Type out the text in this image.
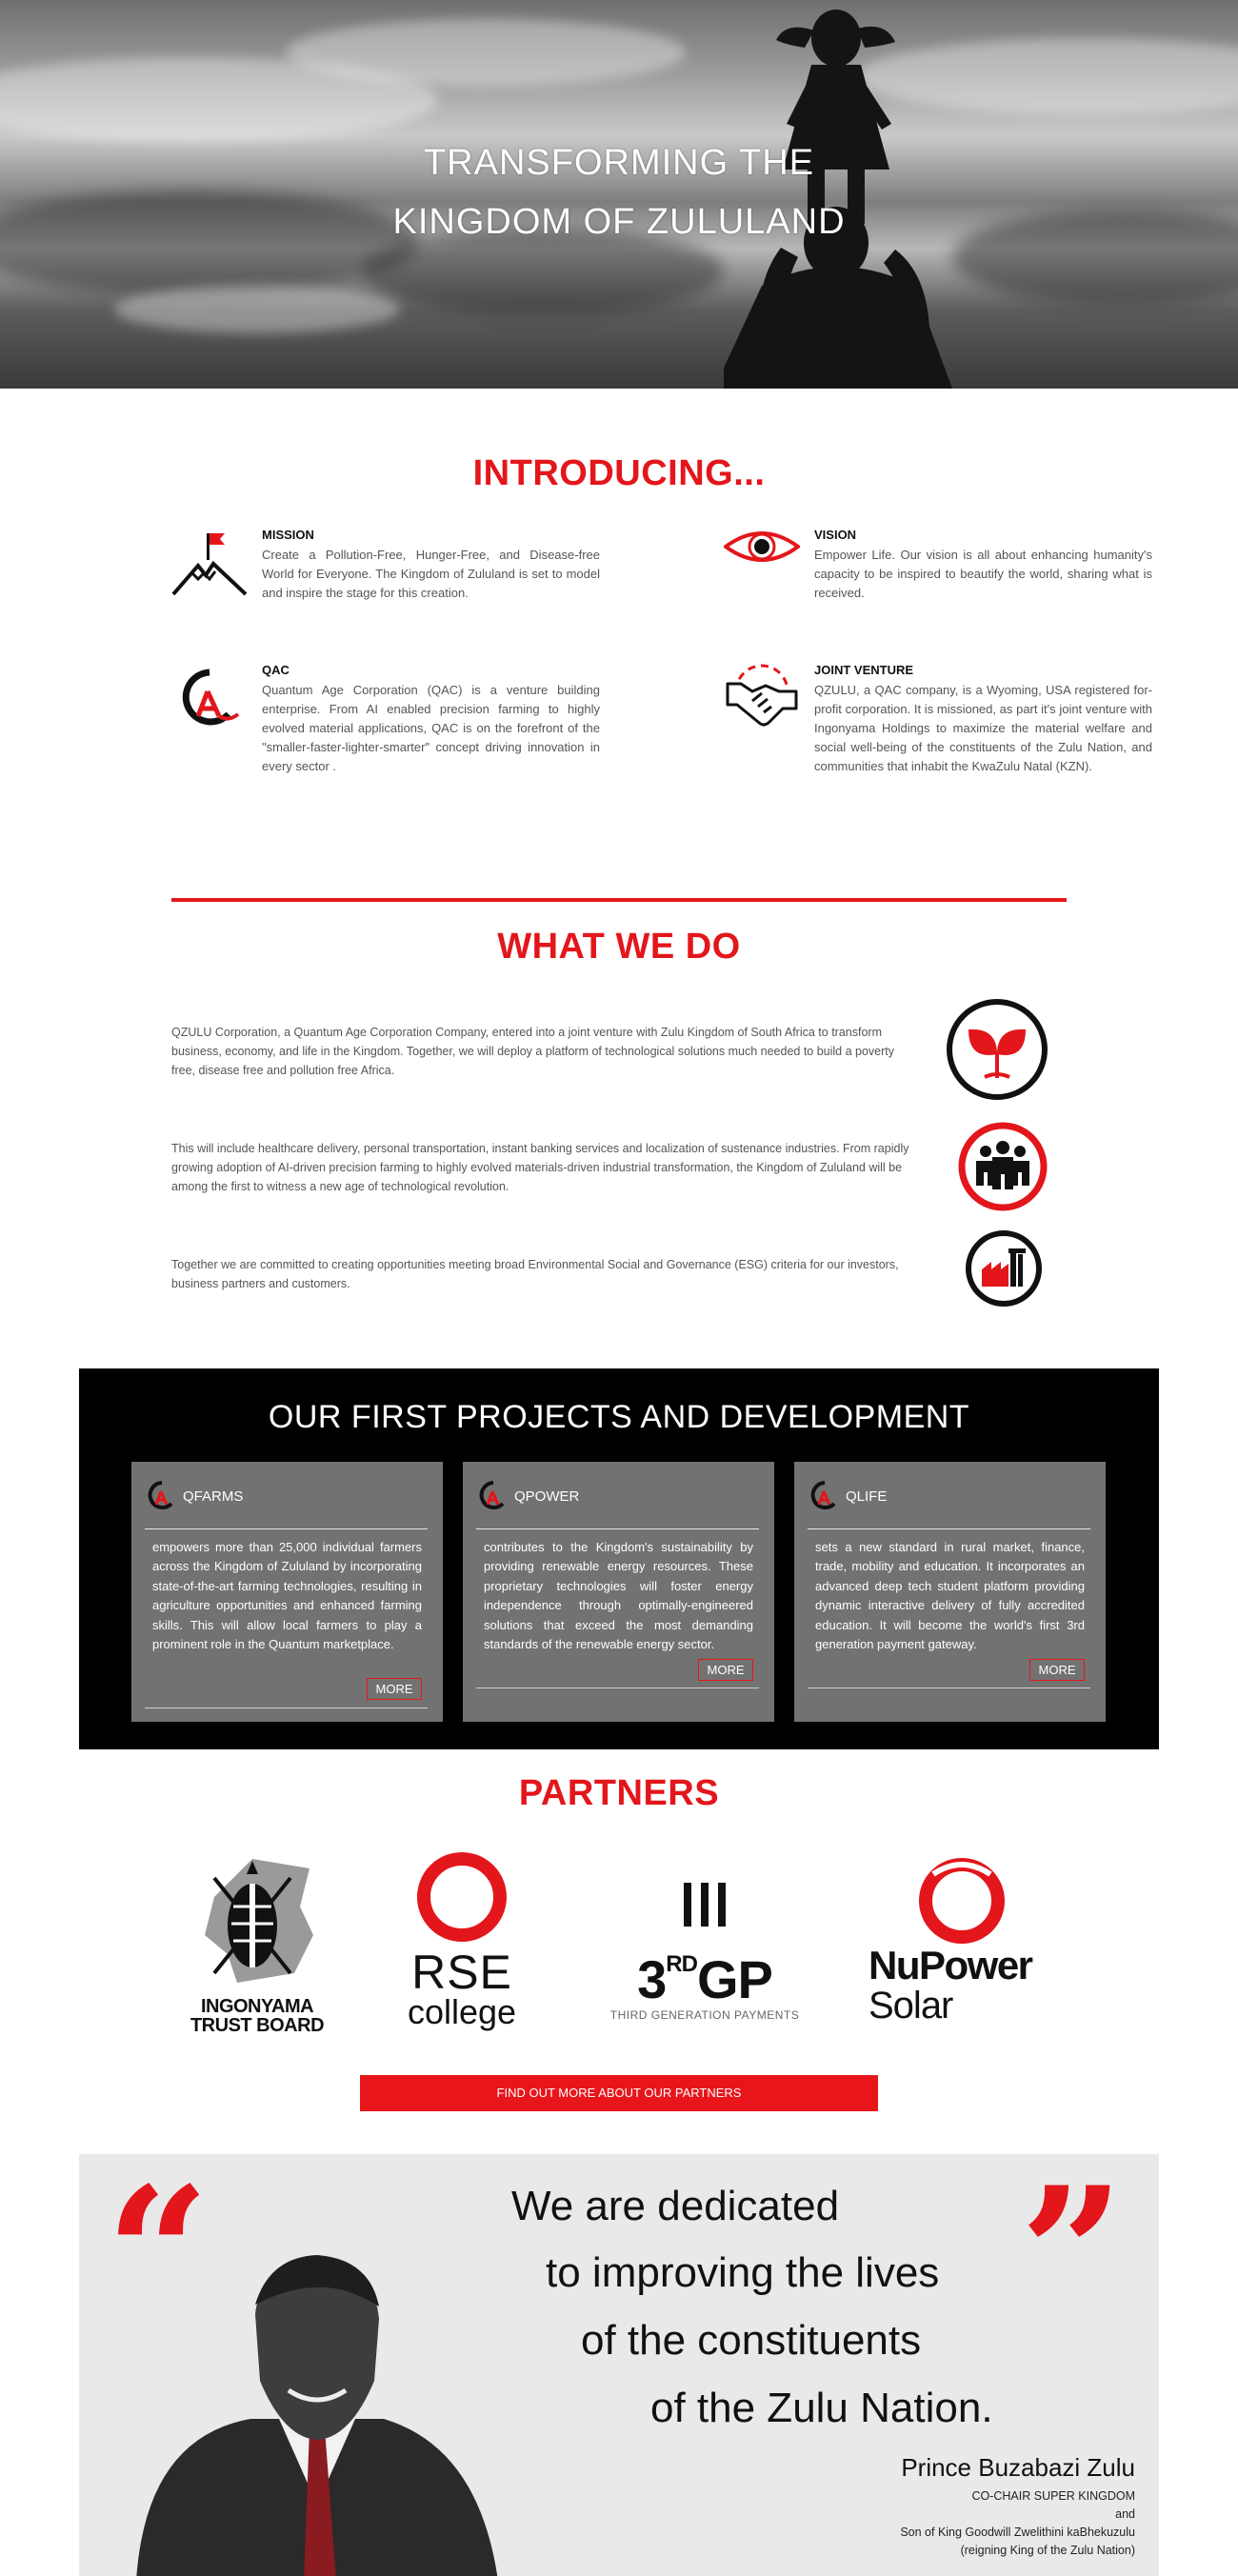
TRANSFORMING THE
KINGDOM OF ZULULAND
INTRODUCING...
MISSION

Create a Pollution-Free, Hunger-Free, and Disease-free World for Everyone. The Kingdom of Zululand is set to model and inspire the stage for this creation.

VISION

Empower Life. Our vision is all about enhancing humanity's capacity to be inspired to beautify the world, sharing what is received.

QAC

Quantum Age Corporation (QAC) is a venture building enterprise. From AI enabled precision farming to highly evolved material applications, QAC is on the forefront of the "smaller-faster-lighter-smarter" concept driving innovation in every sector .

JOINT VENTURE

QZULU, a QAC company, is a Wyoming, USA registered for-profit corporation. It is missioned, as part it's joint venture with Ingonyama Holdings to maximize the material welfare and social well-being of the constituents of the Zulu Nation, and communities that inhabit the KwaZulu Natal (KZN).

WHAT WE DO

QZULU Corporation, a Quantum Age Corporation Company, entered into a joint venture with Zulu Kingdom of South Africa to transform business, economy, and life in the Kingdom. Together, we will deploy a platform of technological solutions much needed to build a poverty free, disease free and pollution free Africa.

This will include healthcare delivery, personal transportation, instant banking services and localization of sustenance industries. From rapidly growing adoption of AI-driven precision farming to highly evolved materials-driven industrial transformation, the Kingdom of Zululand will be among the first to witness a new age of technological revolution.

Together we are committed to creating opportunities meeting broad Environmental Social and Governance (ESG) criteria for our investors, business partners and customers.

OUR FIRST PROJECTS AND DEVELOPMENT
QFARMS

empowers more than 25,000 individual farmers across the Kingdom of Zululand by incorporating state-of-the-art farming technologies, resulting in agriculture opportunities and enhanced farming skills. This will allow local farmers to play a prominent role in the Quantum marketplace.

MORE
QPOWER

contributes to the Kingdom's sustainability by providing renewable energy resources. These proprietary technologies will foster energy independence through optimally-engineered solutions that exceed the most demanding standards of the renewable energy sector.

MORE
QLIFE

sets a new standard in rural market, finance, trade, mobility and education. It incorporates an advanced deep tech student platform providing dynamic interactive delivery of fully accredited education. It will become the world's first 3rd generation payment gateway.

MORE
PARTNERS
INGONYAMA
TRUST BOARD
RSE
college
3RDGP
THIRD GENERATION PAYMENTS
NuPower
Solar
FIND OUT MORE ABOUT OUR PARTNERS
“	”
We are dedicated
to improving the lives
of the constituents
of the Zulu Nation.
Prince Buzabazi Zulu
CO-CHAIR SUPER KINGDOM
and
Son of King Goodwill Zwelithini kaBhekuzulu
(reigning King of the Zulu Nation)
